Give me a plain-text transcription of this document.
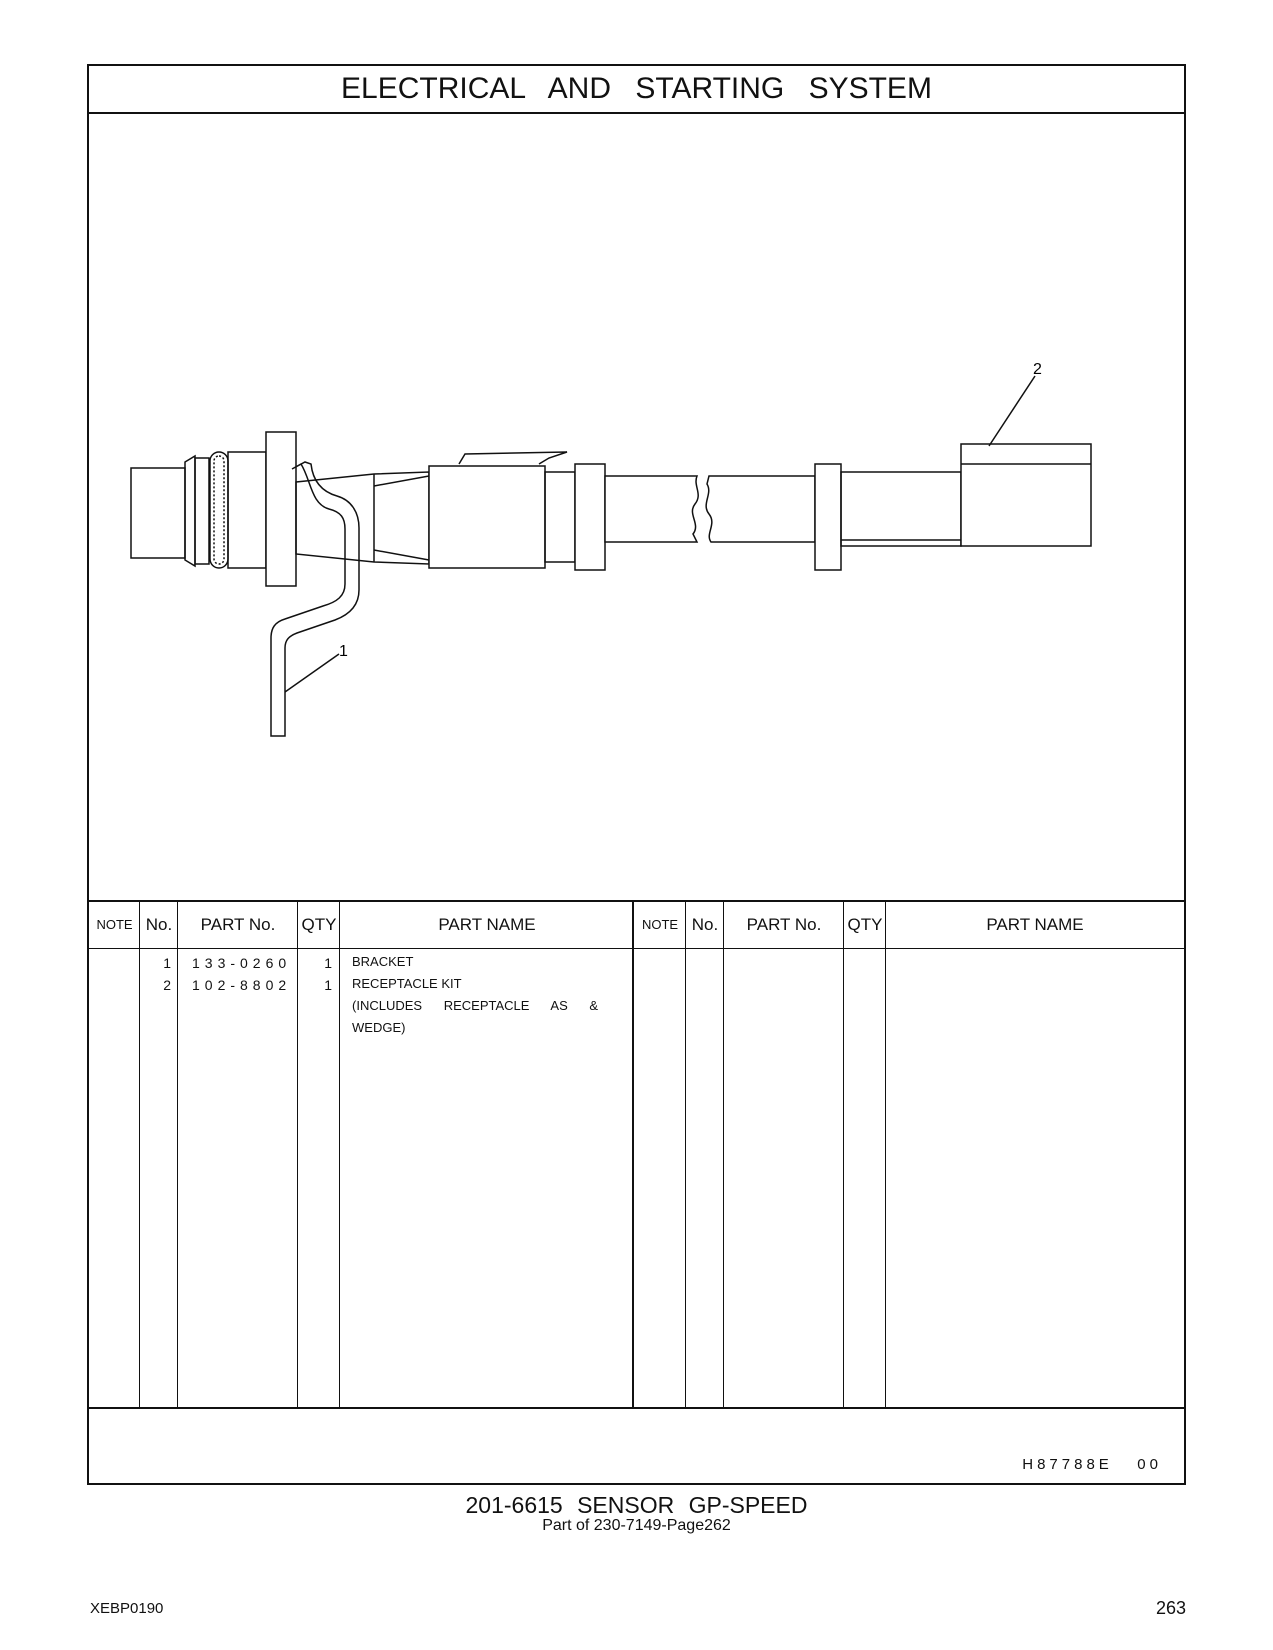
ELECTRICAL AND STARTING SYSTEM
1
2
NOTE No.	PART No.	QTY	PART NAME	NOTE No.	PART No.	QTY	PART NAME
1 133-0260	1 BRACKET
2 102-8802	1 RECEPTACLE KIT
(INCLUDES      RECEPTACLE      AS      &
WEDGE)
H87788E   00
201-6615 SENSOR GP-SPEED
Part of 230-7149-Page262
XEBP0190	263
